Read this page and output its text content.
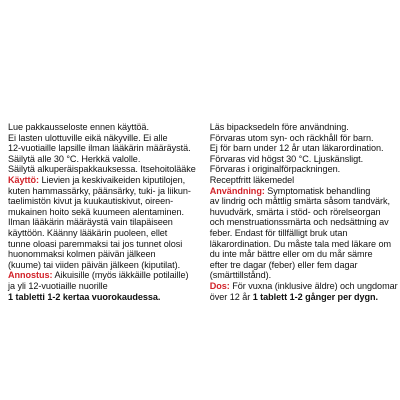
Lue pakkausseloste ennen käyttöä.
Ei lasten ulottuville eikä näkyville. Ei alle
12-vuotiaille lapsille ilman lääkärin määräystä.
Säilytä alle 30 °C. Herkkä valolle.
Säilytä alkuperäispakkauksessa. Itsehoitolääke
Käyttö: Lievien ja keskivaikeiden kiputilojen,
kuten hammassärky, päänsärky, tuki- ja liikun-
taelimistön kivut ja kuukautiskivut, oireen-
mukainen hoito sekä kuumeen alentaminen.
Ilman lääkärin määräystä vain tilapäiseen
käyttöön. Käänny lääkärin puoleen, ellet
tunne oloasi paremmaksi tai jos tunnet olosi
huonommaksi kolmen päivän jälkeen
(kuume) tai viiden päivän jälkeen (kiputilat).
Annostus: Aikuisille (myös iäkkäille potilaille)
ja yli 12-vuotiaille nuorille
1 tabletti 1-2 kertaa vuorokaudessa.
Läs bipacksedeln före användning.
Förvaras utom syn- och räckhåll för barn.
Ej för barn under 12 år utan läkarordination.
Förvaras vid högst 30 °C. Ljuskänsligt.
Förvaras i originalförpackningen.
Receptfritt läkemedel
Användning: Symptomatisk behandling
av lindrig och måttlig smärta såsom tandvärk,
huvudvärk, smärta i stöd- och rörelseorgan
och menstruationssmärta och nedsättning av
feber. Endast för tillfälligt bruk utan
läkarordination. Du måste tala med läkare om
du inte mår bättre eller om du mår sämre
efter tre dagar (feber) eller fem dagar
(smärttillstånd).
Dos: För vuxna (inklusive äldre) och ungdomar
över 12 år 1 tablett 1-2 gånger per dygn.
